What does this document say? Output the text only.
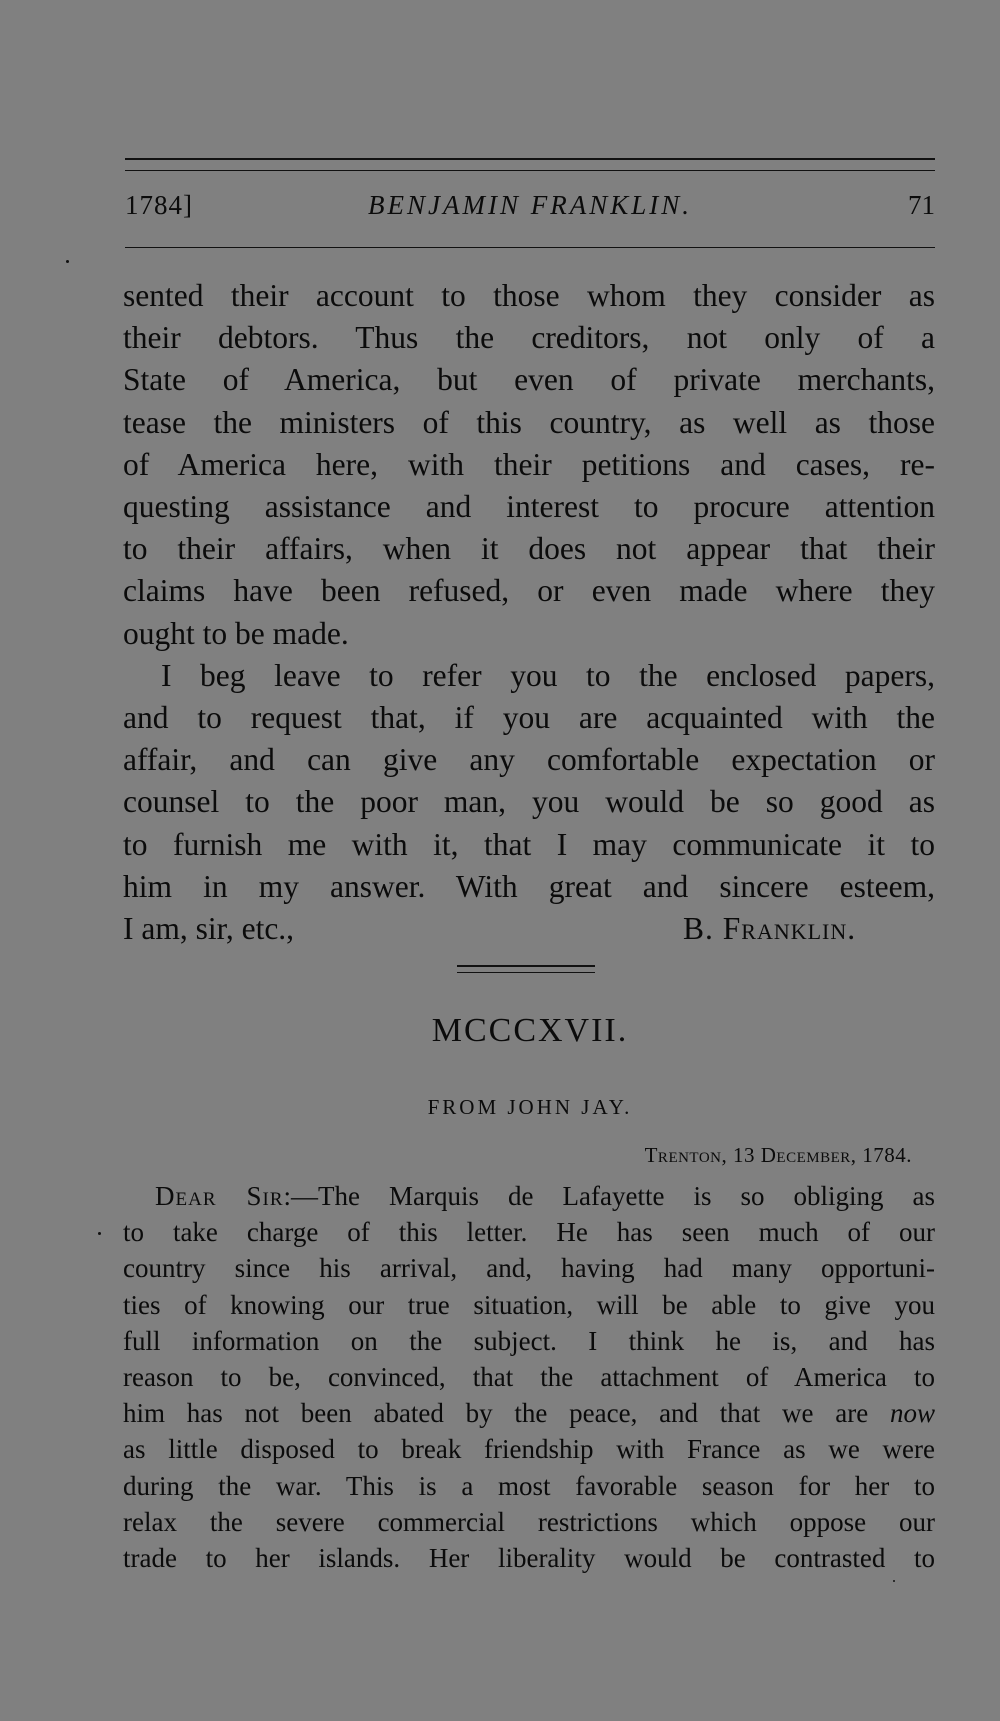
1784]	BENJAMIN FRANKLIN.	71
sented their account to those whom they consider as
their debtors. Thus the creditors, not only of a
State of America, but even of private merchants,
tease the ministers of this country, as well as those
of America here, with their petitions and cases, re-
questing assistance and interest to procure attention
to their affairs, when it does not appear that their
claims have been refused, or even made where they
ought to be made.
I beg leave to refer you to the enclosed papers,
and to request that, if you are acquainted with the
affair, and can give any comfortable expectation or
counsel to the poor man, you would be so good as
to furnish me with it, that I may communicate it to
him in my answer. With great and sincere esteem,
I am, sir, etc.,	B. Franklin.
MCCCXVII.
FROM JOHN JAY.
Trenton, 13 December, 1784.
Dear Sir:—The Marquis de Lafayette is so obliging as
to take charge of this letter. He has seen much of our
country since his arrival, and, having had many opportuni-
ties of knowing our true situation, will be able to give you
full information on the subject. I think he is, and has
reason to be, convinced, that the attachment of America to
him has not been abated by the peace, and that we are now
as little disposed to break friendship with France as we were
during the war. This is a most favorable season for her to
relax the severe commercial restrictions which oppose our
trade to her islands. Her liberality would be contrasted to
